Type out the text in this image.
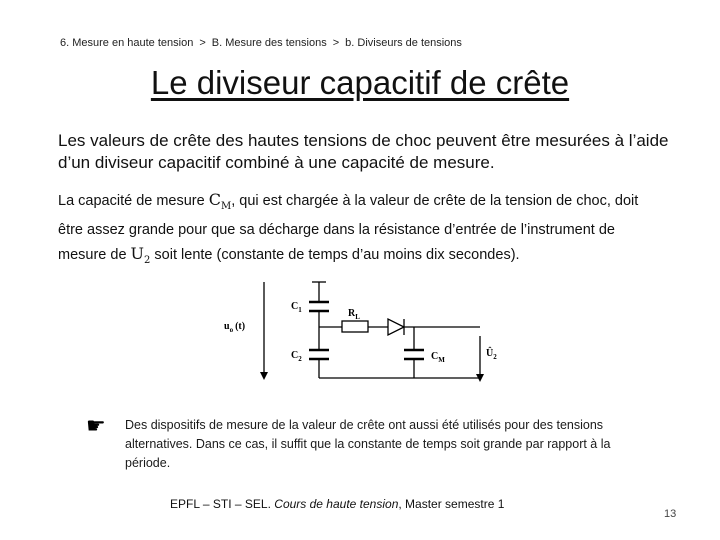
6. Mesure en haute tension > B. Mesure des tensions > b. Diviseurs de tensions
Le diviseur capacitif de crête
Les valeurs de crête des hautes tensions de choc peuvent être mesurées à l’aide d’un diviseur capacitif combiné à une capacité de mesure.
La capacité de mesure $C_M$, qui est chargée à la valeur de crête de la tension de choc, doit être assez grande pour que sa décharge dans la résistance d’entrée de l’instrument de mesure de $U_2$ soit lente (constante de temps d’au moins dix secondes).
$u_o$ (t)
$C_1$
$C_2$
$R_L$
$C_M$
$Û_2$
☛ Des dispositifs de mesure de la valeur de crête ont aussi été utilisés pour des tensions alternatives. Dans ce cas, il suffit que la constante de temps soit grande par rapport à la période.
EPFL – STI – SEL. Cours de haute tension, Master semestre 1
13
